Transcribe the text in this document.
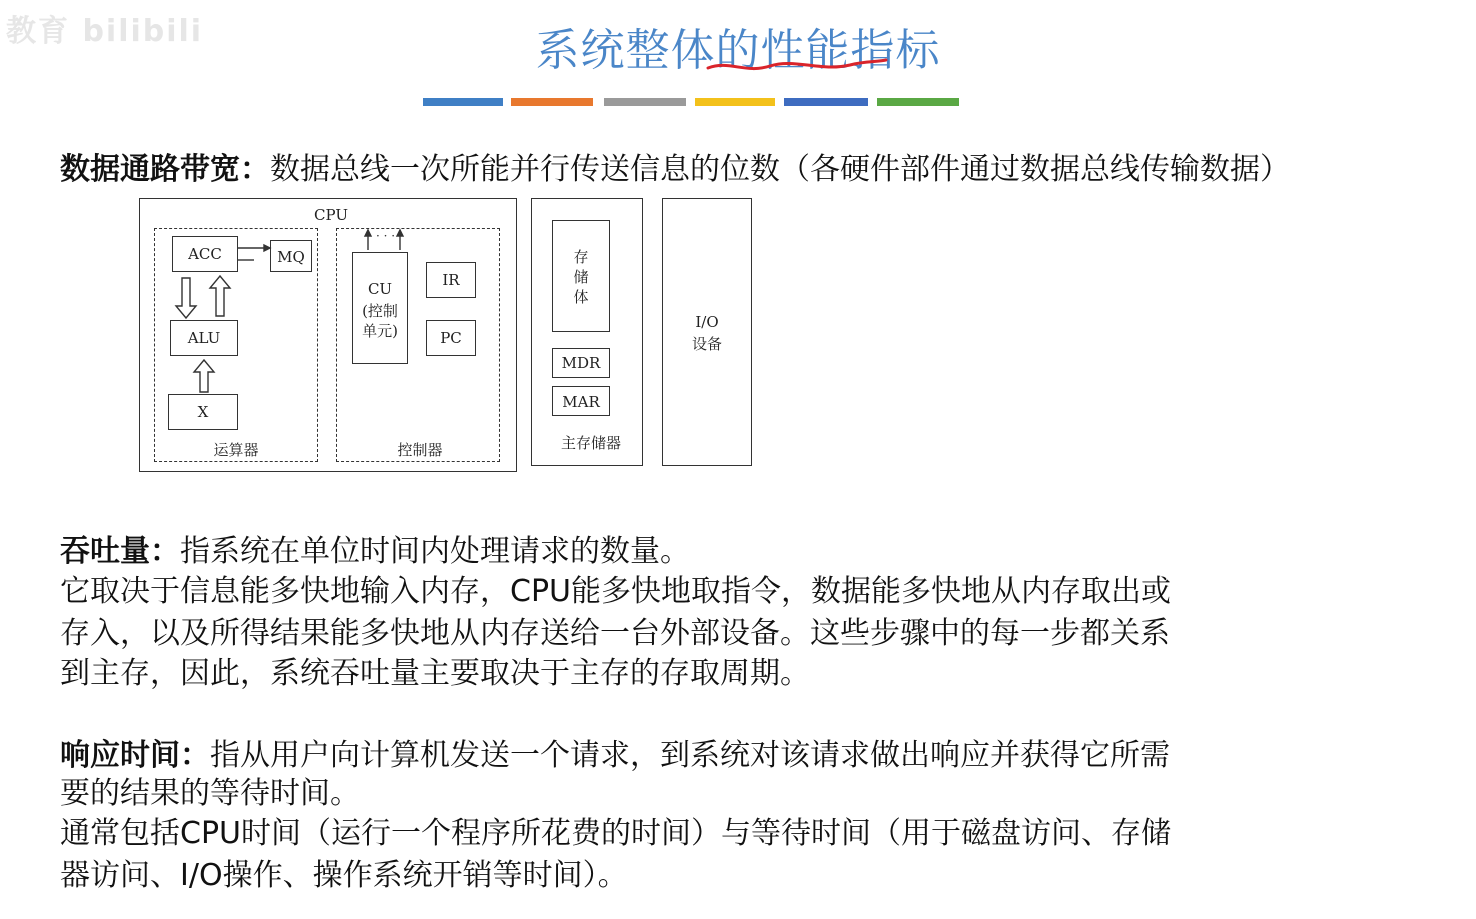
教育 bilibili	系统整体的性能指标
数据通路带宽：数据总线一次所能并行传送信息的位数（各硬件部件通过数据总线传输数据）
CPU
ACC	MQ
ALU
X
运算器
CU
(控制
单元)
IR
PC
控制器
存
储
体
MDR
MAR
主存储器
I/O
设备
· · ·
吞吐量：指系统在单位时间内处理请求的数量。
它取决于信息能多快地输入内存，CPU能多快地取指令，数据能多快地从内存取出或
存入，以及所得结果能多快地从内存送给一台外部设备。这些步骤中的每一步都关系
到主存，因此，系统吞吐量主要取决于主存的存取周期。
响应时间：指从用户向计算机发送一个请求，到系统对该请求做出响应并获得它所需
要的结果的等待时间。
通常包括CPU时间（运行一个程序所花费的时间）与等待时间（用于磁盘访问、存储
器访问、I/O操作、操作系统开销等时间）。
